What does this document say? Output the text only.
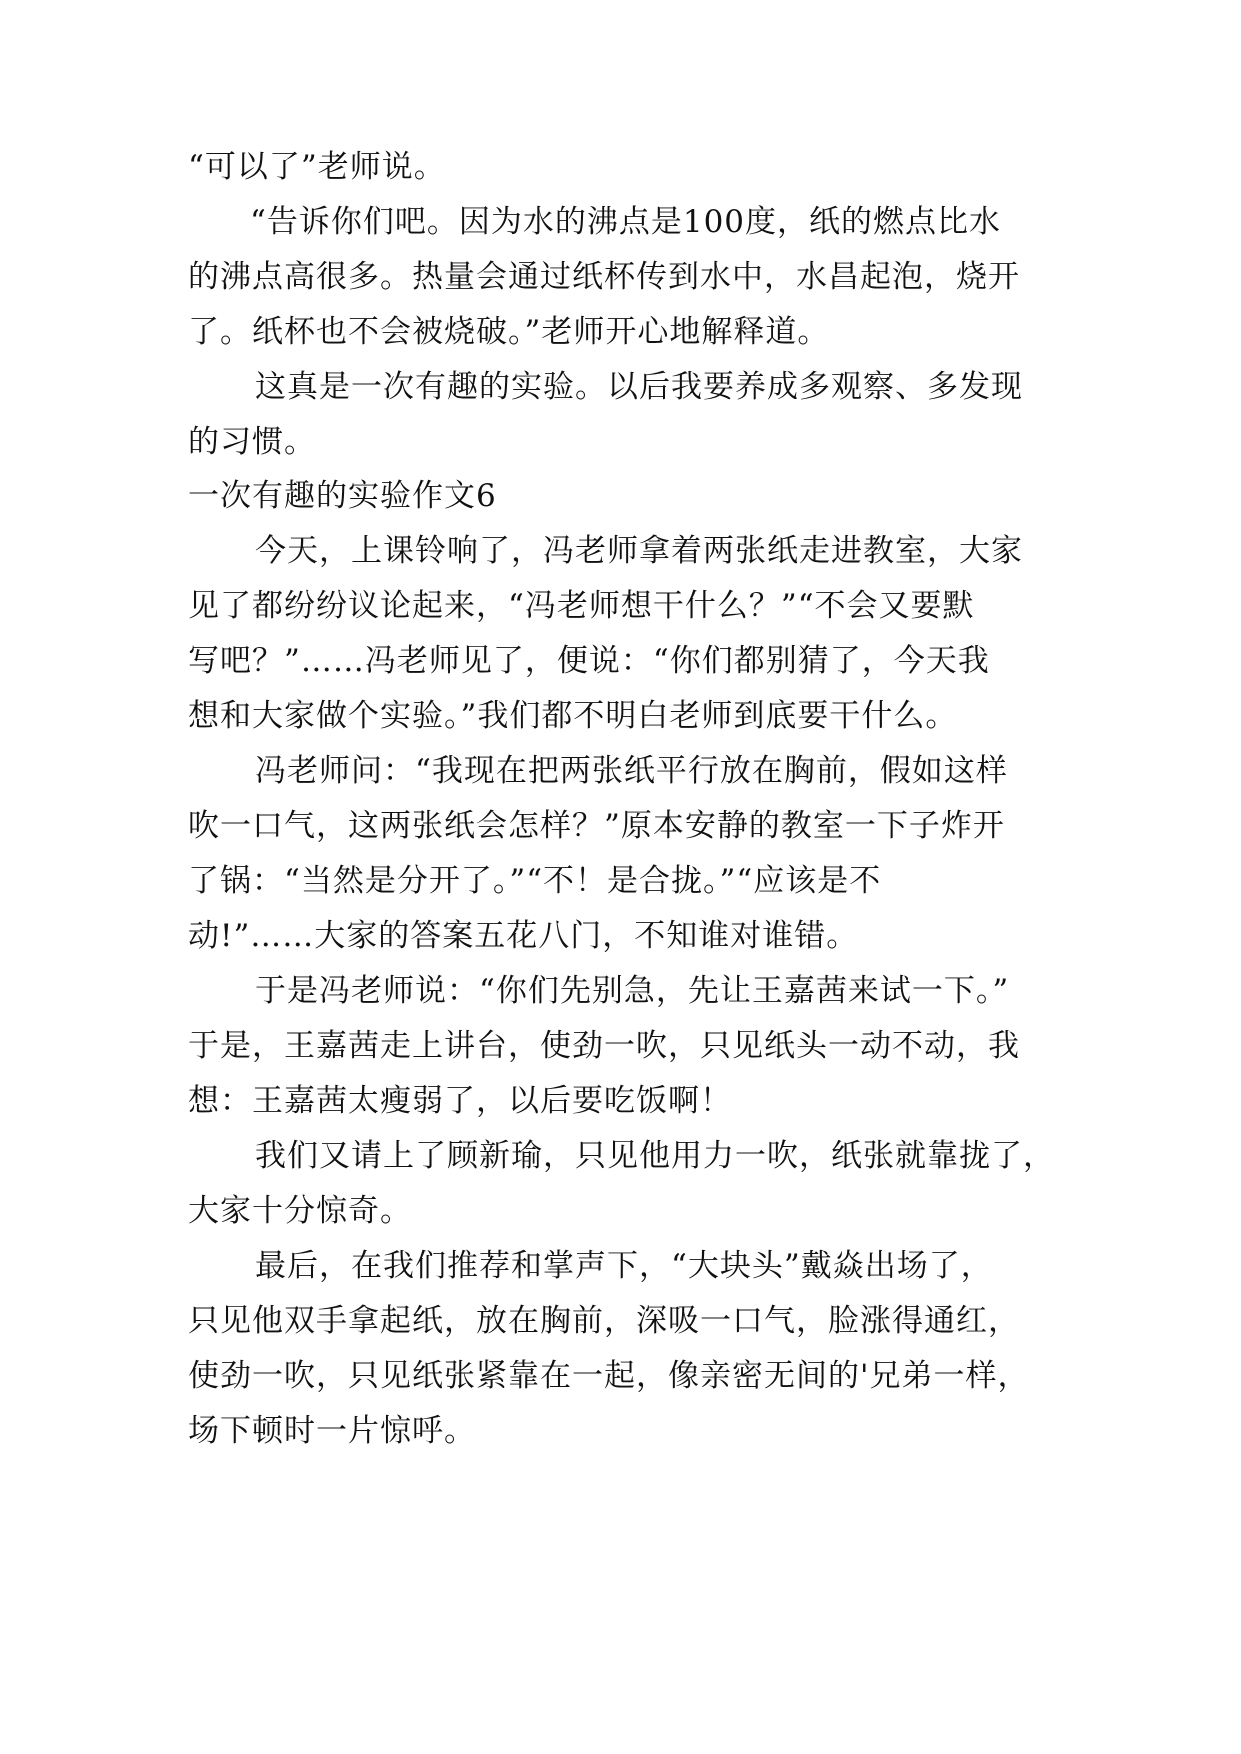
“可以了”老师说。
“告诉你们吧。因为水的沸点是100度，纸的燃点比水
的沸点高很多。热量会通过纸杯传到水中，水昌起泡，烧开
了。纸杯也不会被烧破。”老师开心地解释道。
这真是一次有趣的实验。以后我要养成多观察、多发现
的习惯。
一次有趣的实验作文6
今天，上课铃响了，冯老师拿着两张纸走进教室，大家
见了都纷纷议论起来，“冯老师想干什么？”“不会又要默
写吧？”……冯老师见了，便说：“你们都别猜了，今天我
想和大家做个实验。”我们都不明白老师到底要干什么。
冯老师问：“我现在把两张纸平行放在胸前，假如这样
吹一口气，这两张纸会怎样？”原本安静的教室一下子炸开
了锅：“当然是分开了。”“不！是合拢。”“应该是不
动!”……大家的答案五花八门，不知谁对谁错。
于是冯老师说：“你们先别急，先让王嘉茜来试一下。”
于是，王嘉茜走上讲台，使劲一吹，只见纸头一动不动，我
想：王嘉茜太瘦弱了，以后要吃饭啊！
我们又请上了顾新瑜，只见他用力一吹，纸张就靠拢了，
大家十分惊奇。
最后，在我们推荐和掌声下，“大块头”戴焱出场了，
只见他双手拿起纸，放在胸前，深吸一口气，脸涨得通红，
使劲一吹，只见纸张紧靠在一起，像亲密无间的'兄弟一样，
场下顿时一片惊呼。
